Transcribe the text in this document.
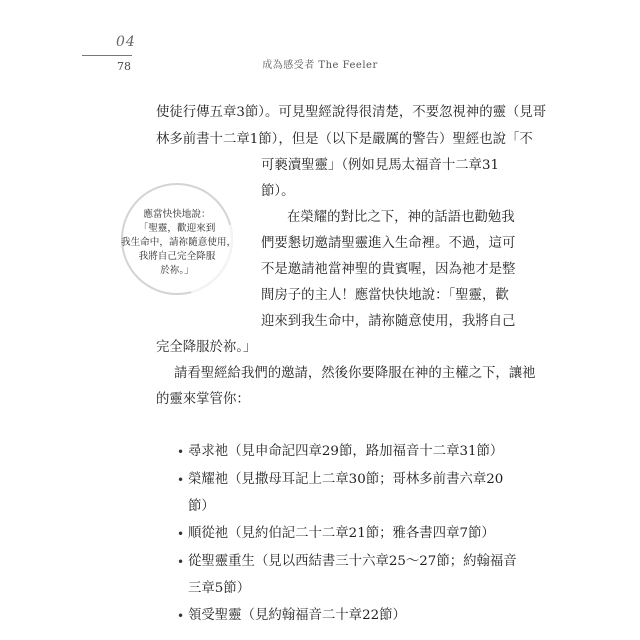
04
78	成為感受者 The Feeler
使徒行傳五章3節）。可見聖經說得很清楚，不要忽視神的靈（見哥
林多前書十二章1節），但是（以下是嚴厲的警告）聖經也說「不
可褻瀆聖靈」（例如見馬太福音十二章31
節）。
在榮耀的對比之下，神的話語也勸勉我
們要懇切邀請聖靈進入生命裡。不過，這可
不是邀請祂當神聖的貴賓喔，因為祂才是整
間房子的主人！應當快快地說：「聖靈，歡
迎來到我生命中，請祢隨意使用，我將自己
完全降服於祢。」
請看聖經給我們的邀請，然後你要降服在神的主權之下，讓祂
的靈來掌管你：
應當快快地說：
「聖靈，歡迎來到
我生命中，請祢隨意使用，
我將自己完全降服
於祢。」
• 尋求祂（見申命記四章29節，路加福音十二章31節）
• 榮耀祂（見撒母耳記上二章30節；哥林多前書六章20
節）
• 順從祂（見約伯記二十二章21節；雅各書四章7節）
• 從聖靈重生（見以西結書三十六章25～27節；約翰福音
三章5節）
• 領受聖靈（見約翰福音二十章22節）
